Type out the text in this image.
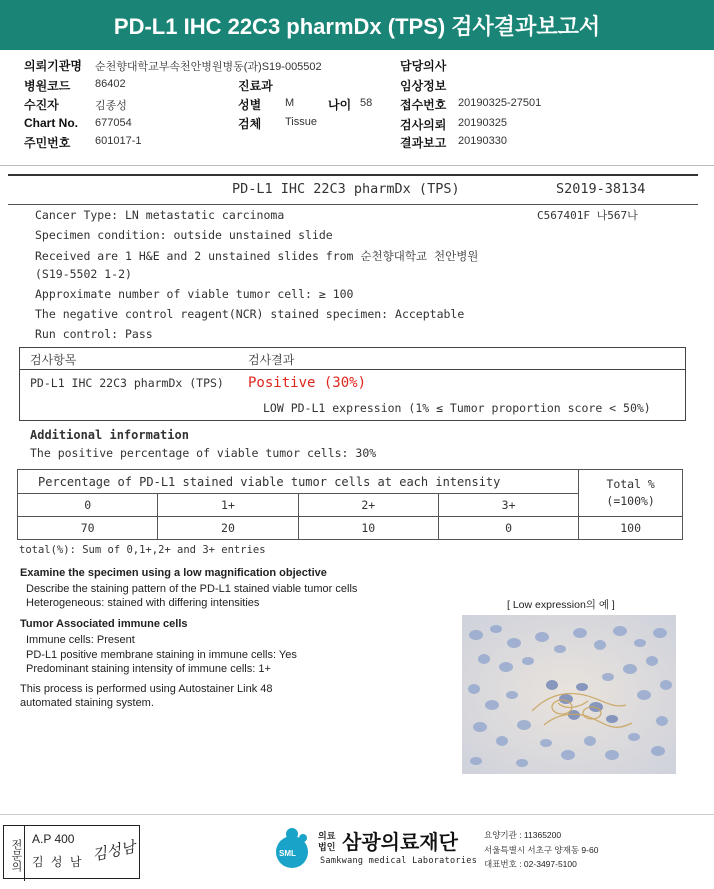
PD-L1 IHC 22C3 pharmDx (TPS) 검사결과보고서
의뢰기관명 순천향대학교부속천안병원병동(과)S19-005502	담당의사
병원코드 86402	진료과	임상정보
수진자	김종성	성별 M	나이 58 접수번호 20190325-27501
Chart No. 677054	검체 Tissue	검사의뢰 20190325
주민번호 601017-1	결과보고 20190330
PD-L1 IHC 22C3 pharmDx (TPS)	S2019-38134
C567401F 나567나
Cancer Type: LN metastatic carcinoma
Specimen condition: outside unstained slide
Received are 1 H&E and 2 unstained slides from 순천향대학교 천안병원
(S19-5502 1-2)
Approximate number of viable tumor cell: ≥ 100
The negative control reagent(NCR) stained specimen: Acceptable
Run control: Pass
검사항목	검사결과
PD-L1 IHC 22C3 pharmDx (TPS) Positive (30%)
LOW PD-L1 expression (1% ≤ Tumor proportion score < 50%)
Additional information
The positive percentage of viable tumor cells: 30%
Percentage of PD-L1 stained viable tumor cells at each intensity				Total %
(=100%)

0	1+	2+	3+	
70	20	10	0	100
total(%): Sum of 0,1+,2+ and 3+ entries
Examine the specimen using a low magnification objective
Describe the staining pattern of the PD-L1 stained viable tumor cells
Heterogeneous: stained with differing intensities	[ Low expression의 예 ]
Tumor Associated immune cells
Immune cells: Present
PD-L1 positive membrane staining in immune cells: Yes
Predominant staining intensity of immune cells: 1+
This process is performed using Autostainer Link 48
automated staining system.
전문의 A.P 400
김 성 남 김성남	SML
의료
법인 삼광의료재단
Samkwang medical Laboratories
요양기관 : 11365200
서울특별시 서초구 양재동 9-60
대표번호 : 02-3497-5100
